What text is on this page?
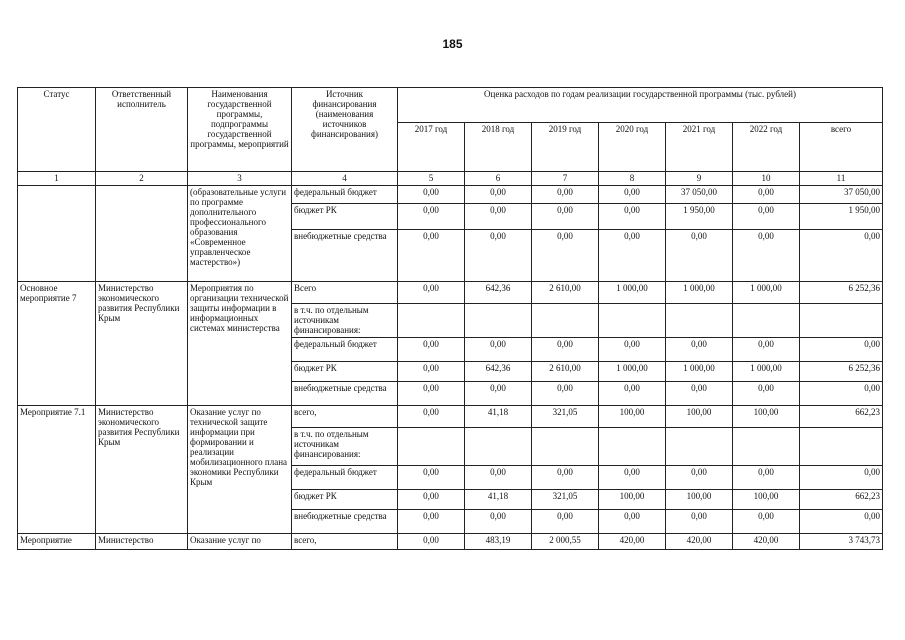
185
Статус	Ответственный исполнитель	Наименования государственной программы, подпрограммы государственной программы, мероприятий	Источник финансирования (наименования источников финансирования)	Оценка расходов по годам реализации государственной программы (тыс. рублей)						
				2017 год	2018 год	2019 год	2020 год	2021 год	2022 год	всего
1	2	3	4	5	6	7	8	9	10	11
		(образовательные услуги по программе дополнительного профессионального образования «Современное управленческое мастерство»)	федеральный бюджет	0,00	0,00	0,00	0,00	37 050,00	0,00	37 050,00
			бюджет РК	0,00	0,00	0,00	0,00	1 950,00	0,00	1 950,00
			внебюджетные средства	0,00	0,00	0,00	0,00	0,00	0,00	0,00
Основное мероприятие 7	Министерство экономического развития Республики Крым	Мероприятия по организации технической защиты информации в информационных системах министерства	Всего	0,00	642,36	2 610,00	1 000,00	1 000,00	1 000,00	6 252,36
			в т.ч. по отдельным источникам финансирования:							
			федеральный бюджет	0,00	0,00	0,00	0,00	0,00	0,00	0,00
			бюджет РК	0,00	642,36	2 610,00	1 000,00	1 000,00	1 000,00	6 252,36
			внебюджетные средства	0,00	0,00	0,00	0,00	0,00	0,00	0,00
Мероприятие 7.1	Министерство экономического развития Республики Крым	Оказание услуг по технической защите информации при формировании и реализации мобилизационного плана экономики Республики Крым	всего,	0,00	41,18	321,05	100,00	100,00	100,00	662,23
			в т.ч. по отдельным источникам финансирования:							
			федеральный бюджет	0,00	0,00	0,00	0,00	0,00	0,00	0,00
			бюджет РК	0,00	41,18	321,05	100,00	100,00	100,00	662,23
			внебюджетные средства	0,00	0,00	0,00	0,00	0,00	0,00	0,00
Мероприятие	Министерство	Оказание услуг по	всего,	0,00	483,19	2 000,55	420,00	420,00	420,00	3 743,73
